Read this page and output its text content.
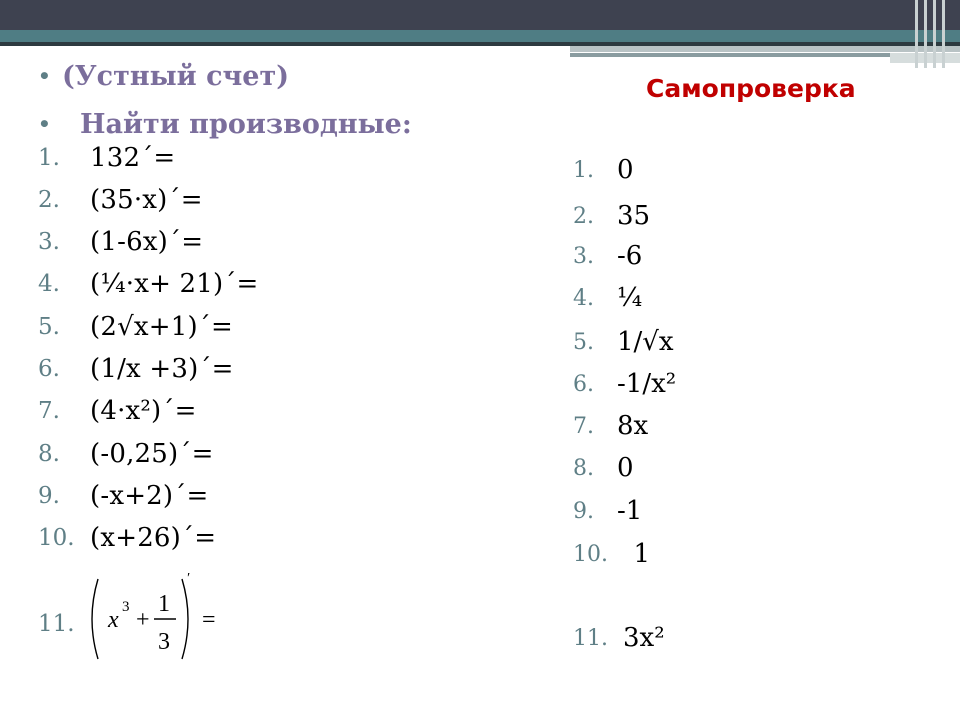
• (Устный счет)
•	Найти производные:
1.	132´=
2.	(35·x)´=
3.	(1-6x)´=
4.	(¼·x+ 21)´=
5.	(2√x+1)´=
6.	(1/x +3)´=
7.	(4·x²)´=
8.	(-0,25)´=
9.	(-x+2)´=
10. (x+26)´=
11.	x 3 +
1
3
′
=
Самопроверка
1. 0
2. 35
3. -6
4. ¼
5. 1/√x
6. -1/x²
7. 8x
8. 0
9. -1
10. 1
11. 3x²
